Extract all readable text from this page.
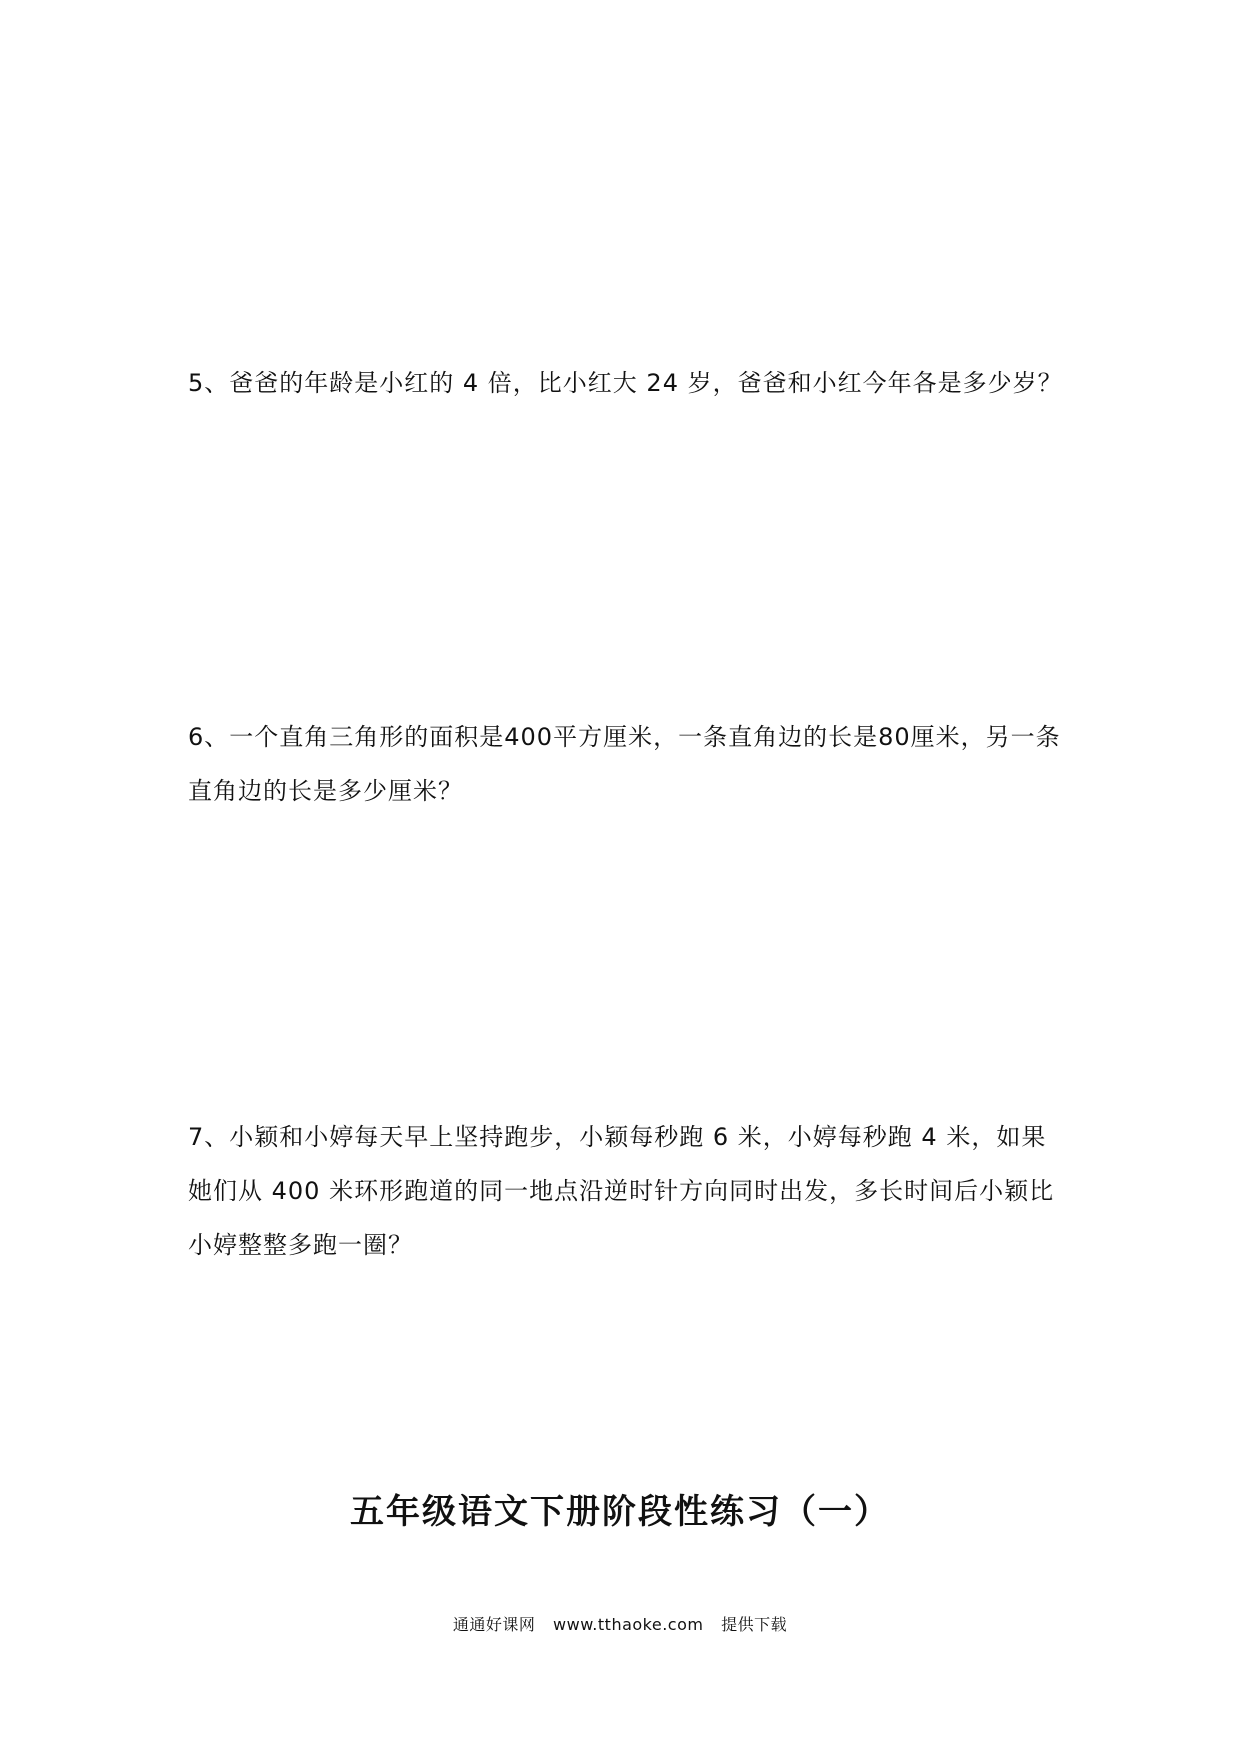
5、爸爸的年龄是小红的 4 倍，比小红大 24 岁，爸爸和小红今年各是多少岁？

6、一个直角三角形的面积是400平方厘米，一条直角边的长是80厘米，另一条直角边的长是多少厘米？

7、小颖和小婷每天早上坚持跑步，小颖每秒跑 6 米，小婷每秒跑 4 米，如果她们从 400 米环形跑道的同一地点沿逆时针方向同时出发，多长时间后小颖比小婷整整多跑一圈？

五年级语文下册阶段性练习（一）
通通好课网 www.tthaoke.com 提供下载
